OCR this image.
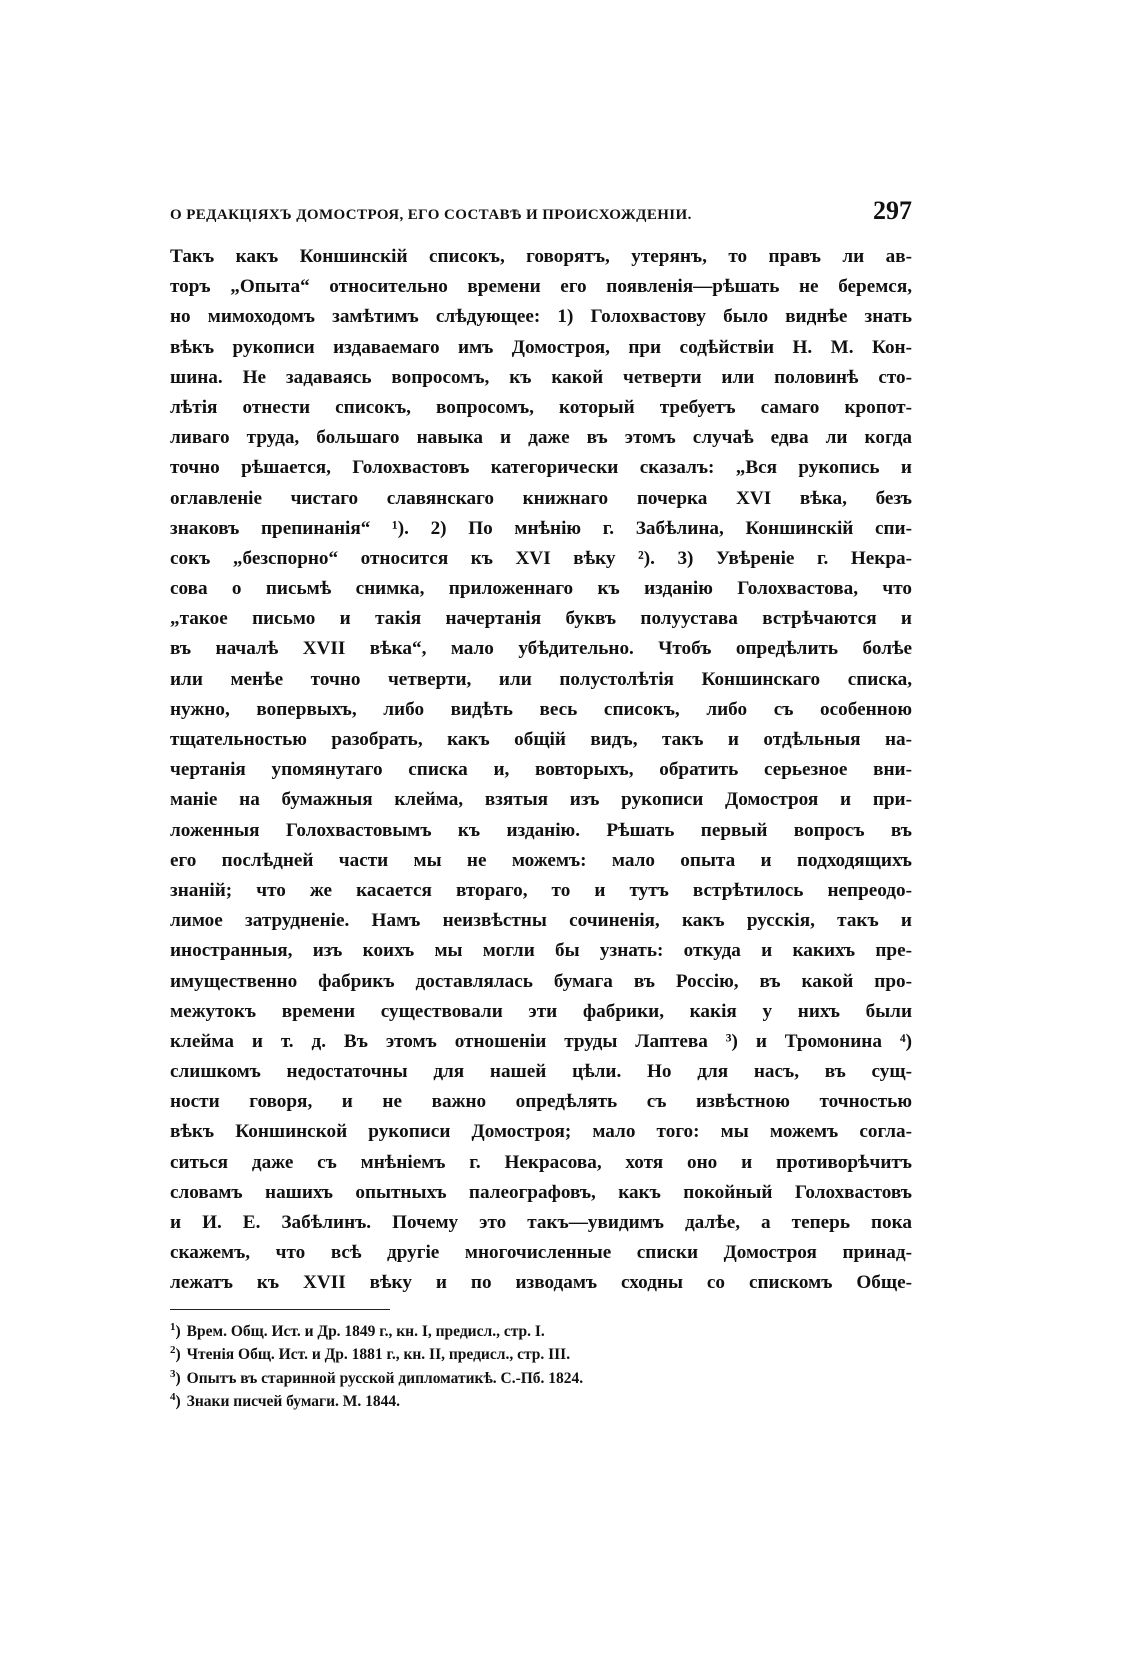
О РЕДАКЦІЯХЪ ДОМОСТРОЯ, ЕГО СОСТАВѢ И ПРОИСХОЖДЕНІИ.	297
Такъ какъ Коншинскій списокъ, говорятъ, утерянъ, то правъ ли ав-
торъ „Опыта“ относительно времени его появленія—рѣшать не беремся,
но мимоходомъ замѣтимъ слѣдующее: 1) Голохвастову было виднѣе знать
вѣкъ рукописи издаваемаго имъ Домостроя, при содѣйствіи Н. М. Кон-
шина. Не задаваясь вопросомъ, къ какой четверти или половинѣ сто-
лѣтія отнести списокъ, вопросомъ, который требуетъ самаго кропот-
ливаго труда, большаго навыка и даже въ этомъ случаѣ едва ли когда
точно рѣшается, Голохвастовъ категорически сказалъ: „Вся рукопись и
оглавленіе чистаго славянскаго книжнаго почерка XVI вѣка, безъ
знаковъ препинанія“ ¹). 2) По мнѣнію г. Забѣлина, Коншинскій спи-
сокъ „безспорно“ относится къ XVI вѣку ²). 3) Увѣреніе г. Некра-
сова о письмѣ снимка, приложеннаго къ изданію Голохвастова, что
„такое письмо и такія начертанія буквъ полуустава встрѣчаются и
въ началѣ XVII вѣка“, мало убѣдительно. Чтобъ опредѣлить болѣе
или менѣе точно четверти, или полустолѣтія Коншинскаго списка,
нужно, вопервыхъ, либо видѣть весь списокъ, либо съ особенною
тщательностью разобрать, какъ общій видъ, такъ и отдѣльныя на-
чертанія упомянутаго списка и, вовторыхъ, обратить серьезное вни-
маніе на бумажныя клейма, взятыя изъ рукописи Домостроя и при-
ложенныя Голохвастовымъ къ изданію. Рѣшать первый вопросъ въ
его послѣдней части мы не можемъ: мало опыта и подходящихъ
знаній; что же касается втораго, то и тутъ встрѣтилось непреодо-
лимое затрудненіе. Намъ неизвѣстны сочиненія, какъ русскія, такъ и
иностранныя, изъ коихъ мы могли бы узнать: откуда и какихъ пре-
имущественно фабрикъ доставлялась бумага въ Россію, въ какой про-
межутокъ времени существовали эти фабрики, какія у нихъ были
клейма и т. д. Въ этомъ отношеніи труды Лаптева ³) и Тромонина ⁴)
слишкомъ недостаточны для нашей цѣли. Но для насъ, въ сущ-
ности говоря, и не важно опредѣлять съ извѣстною точностью
вѣкъ Коншинской рукописи Домостроя; мало того: мы можемъ согла-
ситься даже съ мнѣніемъ г. Некрасова, хотя оно и противорѣчитъ
словамъ нашихъ опытныхъ палеографовъ, какъ покойный Голохвастовъ
и И. Е. Забѣлинъ. Почему это такъ—увидимъ далѣе, а теперь пока
скажемъ, что всѣ другіе многочисленные списки Домостроя принад-
лежатъ къ XVII вѣку и по изводамъ сходны со спискомъ Обще-
$^1$) Врем. Общ. Ист. и Др. 1849 г., кн. I, предисл., стр. I.
$^2$) Чтенія Общ. Ист. и Др. 1881 г., кн. II, предисл., стр. III.
$^3$) Опытъ въ старинной русской дипломатикѣ. С.-Пб. 1824.
$^4$) Знаки писчей бумаги. М. 1844.
